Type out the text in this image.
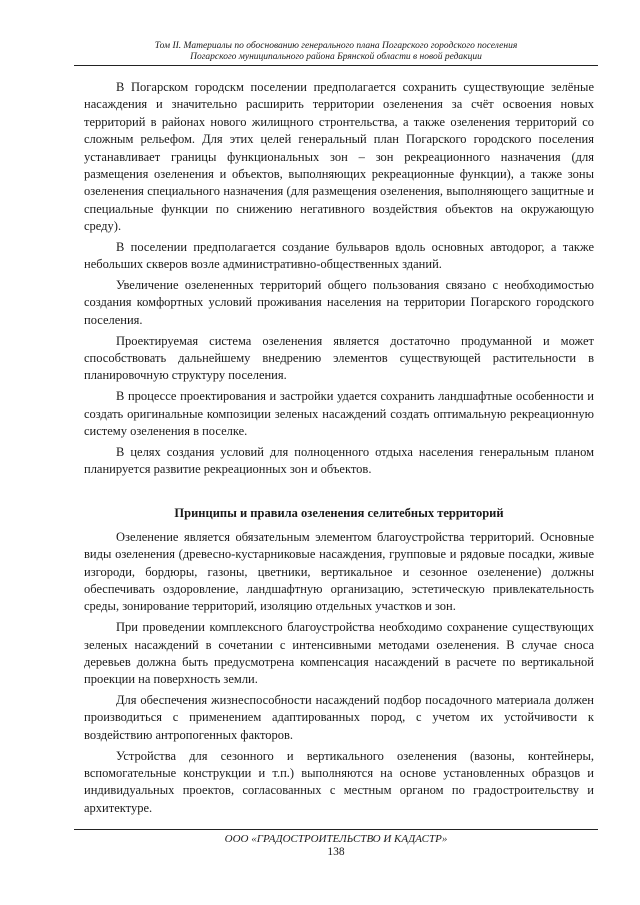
Том II. Материалы по обоснованию генерального плана Погарского городского поселения
Погарского муниципального района Брянской области в новой редакции

В Погарском городскм поселении предполагается сохранить существующие зелёные насаждения и значительно расширить территории озеленения за счёт освоения новых территорий в районах нового жилищного стронтельства, а также озеленения территорий со сложным рельефом. Для этих целей генеральный план Погарского городского поселения устанавливает границы функциональных зон – зон рекреационного назначения (для размещения озеленения и объектов, выполняющих рекреационные функции), а также зоны озеленения специального назначения (для размещения озеленения, выполняющего защитные и специальные функции по снижению негативного воздействия объектов на окружающую среду).

В поселении предполагается создание бульваров вдоль основных автодорог, а также небольших скверов возле административно-общественных зданий.

Увеличение озелененных территорий общего пользования связано с необходимостью создания комфортных условий проживания населения на территории Погарского городского поселения.

Проектируемая система озеленения является достаточно продуманной и может способствовать дальнейшему внедрению элементов существующей растительности в планировочную структуру поселения.

В процессе проектирования и застройки удается сохранить ландшафтные особенности и создать оригинальные композиции зеленых насаждений создать оптимальную рекреационную систему озеленения в поселке.

В целях создания условий для полноценного отдыха населения генеральным планом планируется развитие рекреационных зон и объектов.

Принципы и правила озеленения селитебных территорий

Озеленение является обязательным элементом благоустройства территорий. Основные виды озеленения (древесно-кустарниковые насаждения, групповые и рядовые посадки, живые изгороди, бордюры, газоны, цветники, вертикальное и сезонное озеленение) должны обеспечивать оздоровление, ландшафтную организацию, эстетическую привлекательность среды, зонирование территорий, изоляцию отдельных участков и зон.

При проведении комплексного благоустройства необходимо сохранение существующих зеленых насаждений в сочетании с интенсивными методами озеленения. В случае сноса деревьев должна быть предусмотрена компенсация насаждений в расчете по вертикальной проекции на поверхность земли.

Для обеспечения жизнеспособности насаждений подбор посадочного материала должен производиться с применением адаптированных пород, с учетом их устойчивости к воздействию антропогенных факторов.

Устройства для сезонного и вертикального озеленения (вазоны, контейнеры, вспомогательные конструкции и т.п.) выполняются на основе установленных образцов и индивидуальных проектов, согласованных с местным органом по градостроительству и архитектуре.

ООО «ГРАДОСТРОИТЕЛЬСТВО И КАДАСТР»
138
